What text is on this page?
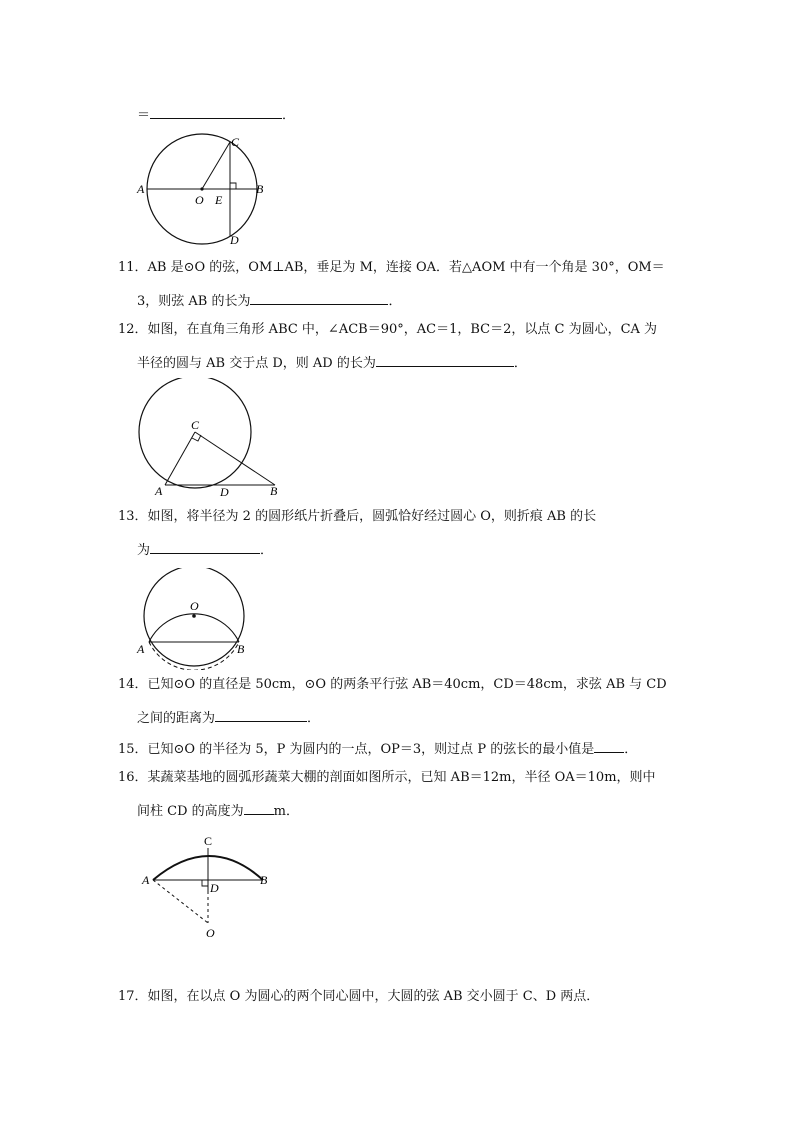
＝	．
A	B
C
D
O E
11．AB 是⊙O 的弦，OM⊥AB，垂足为 M，连接 OA．若△AOM 中有一个角是 30°，OM＝
3，则弦 AB 的长为	．
12．如图，在直角三角形 ABC 中，∠ACB＝90°，AC＝1，BC＝2，以点 C 为圆心，CA 为
半径的圆与 AB 交于点 D，则 AD 的长为	．
C
A	D	B
13．如图，将半径为 2 的圆形纸片折叠后，圆弧恰好经过圆心 O，则折痕 AB 的长
为	．
O
A	B
14．已知⊙O 的直径是 50cm，⊙O 的两条平行弦 AB＝40cm，CD＝48cm，求弦 AB 与 CD
之间的距离为	．
15．已知⊙O 的半径为 5，P 为圆内的一点，OP＝3，则过点 P 的弦长的最小值是 ．
16．某蔬菜基地的圆弧形蔬菜大棚的剖面如图所示，已知 AB＝12m，半径 OA＝10m，则中
间柱 CD 的高度为 m．
C
A
D
B
O
17．如图，在以点 O 为圆心的两个同心圆中，大圆的弦 AB 交小圆于 C、D 两点．
